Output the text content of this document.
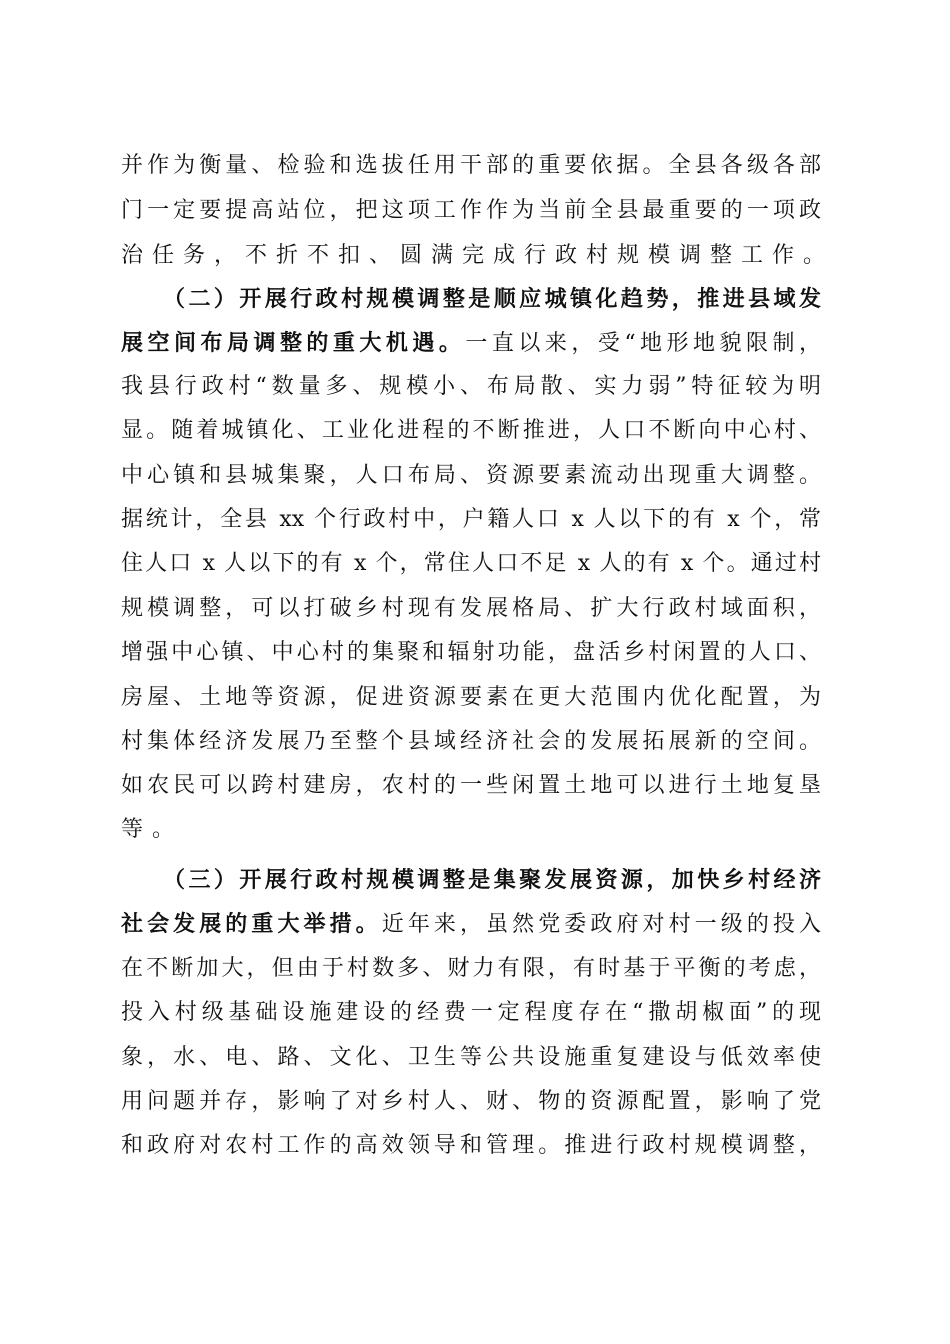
并作为衡量、检验和选拔任用干部的重要依据。全县各级各部
门一定要提高站位，把这项工作作为当前全县最重要的一项政
治任务，不折不扣、圆满完成行政村规模调整工作。
（二）开展行政村规模调整是顺应城镇化趋势，推进县域发
展空间布局调整的重大机遇。一直以来，受“地形地貌限制，
我县行政村“数量多、规模小、布局散、实力弱”特征较为明
显。随着城镇化、工业化进程的不断推进，人口不断向中心村、
中心镇和县城集聚，人口布局、资源要素流动出现重大调整。
据统计，全县 xx 个行政村中，户籍人口 x 人以下的有 x 个，常
住人口 x 人以下的有 x 个，常住人口不足 x 人的有 x 个。通过村
规模调整，可以打破乡村现有发展格局、扩大行政村域面积，
增强中心镇、中心村的集聚和辐射功能，盘活乡村闲置的人口、
房屋、土地等资源，促进资源要素在更大范围内优化配置，为
村集体经济发展乃至整个县域经济社会的发展拓展新的空间。
如农民可以跨村建房，农村的一些闲置土地可以进行土地复垦
等。
（三）开展行政村规模调整是集聚发展资源，加快乡村经济
社会发展的重大举措。近年来，虽然党委政府对村一级的投入
在不断加大，但由于村数多、财力有限，有时基于平衡的考虑，
投入村级基础设施建设的经费一定程度存在“撒胡椒面”的现
象，水、电、路、文化、卫生等公共设施重复建设与低效率使
用问题并存，影响了对乡村人、财、物的资源配置，影响了党
和政府对农村工作的高效领导和管理。推进行政村规模调整，
